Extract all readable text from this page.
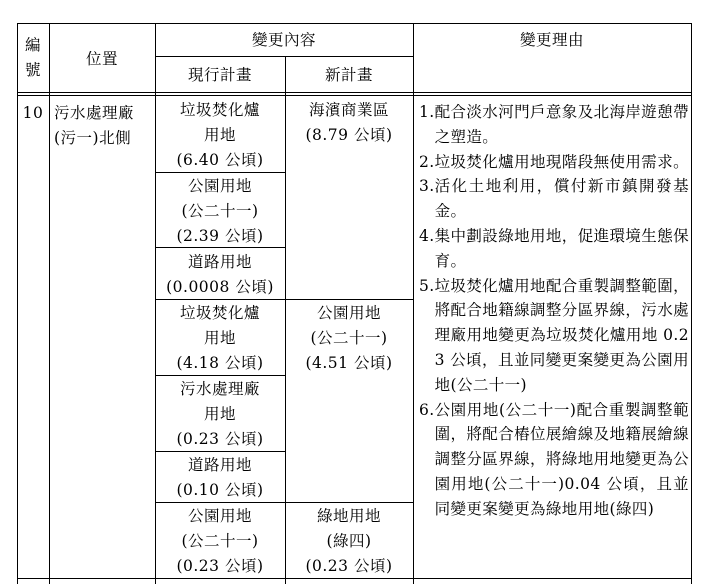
編
號
位置
變更內容
現行計畫	新計畫
變更理由
10 污水處理廠
(污一)北側
垃圾焚化爐
用地
(6.40 公頃)
公園用地
(公二十一)
(2.39 公頃)
道路用地
(0.0008 公頃)
垃圾焚化爐
用地
(4.18 公頃)
污水處理廠
用地
(0.23 公頃)
道路用地
(0.10 公頃)
公園用地
(公二十一)
(0.23 公頃)
海濱商業區
(8.79 公頃)
公園用地
(公二十一)
(4.51 公頃)
綠地用地
(綠四)
(0.23 公頃)
1. 配合淡水河門戶意象及北海岸遊憩帶之塑造。
2. 垃圾焚化爐用地現階段無使用需求。
3. 活化土地利用，償付新市鎮開發基金。
4. 集中劃設綠地用地，促進環境生態保育。
5. 垃圾焚化爐用地配合重製調整範圍，將配合地籍線調整分區界線，污水處理廠用地變更為垃圾焚化爐用地 0.23 公頃，且並同變更案變更為公園用地(公二十一)
6. 公園用地(公二十一)配合重製調整範圍，將配合樁位展繪線及地籍展繪線調整分區界線，將綠地用地變更為公園用地(公二十一)0.04 公頃，且並同變更案變更為綠地用地(綠四)
